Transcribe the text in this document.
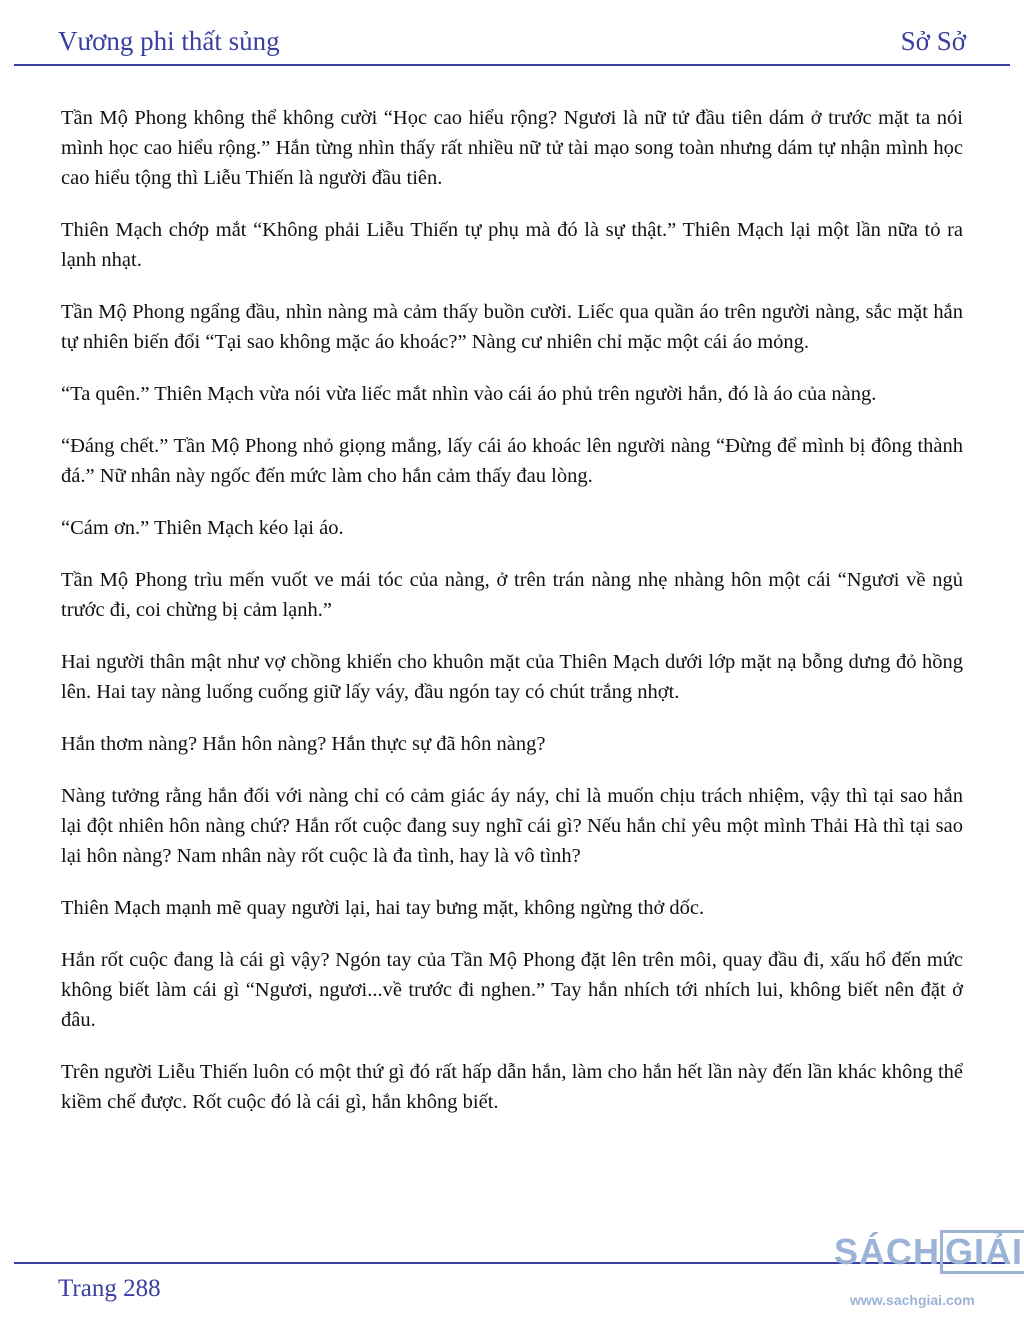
Vương phi thất sủng	Sở Sở

Tần Mộ Phong không thể không cười “Học cao hiểu rộng? Ngươi là nữ tử đầu tiên dám ở trước mặt ta nói mình học cao hiểu rộng.” Hắn từng nhìn thấy rất nhiều nữ tử tài mạo song toàn nhưng dám tự nhận mình học cao hiểu tộng thì Liễu Thiến là người đầu tiên.

Thiên Mạch chớp mắt “Không phải Liễu Thiến tự phụ mà đó là sự thật.” Thiên Mạch lại một lần nữa tỏ ra lạnh nhạt.

Tần Mộ Phong ngẩng đầu, nhìn nàng mà cảm thấy buồn cười. Liếc qua quần áo trên người nàng, sắc mặt hắn tự nhiên biến đổi “Tại sao không mặc áo khoác?” Nàng cư nhiên chỉ mặc một cái áo mỏng.

“Ta quên.” Thiên Mạch vừa nói vừa liếc mắt nhìn vào cái áo phủ trên người hắn, đó là áo của nàng.

“Đáng chết.” Tần Mộ Phong nhỏ giọng mắng, lấy cái áo khoác lên người nàng “Đừng để mình bị đông thành đá.” Nữ nhân này ngốc đến mức làm cho hắn cảm thấy đau lòng.

“Cám ơn.” Thiên Mạch kéo lại áo.

Tần Mộ Phong trìu mến vuốt ve mái tóc của nàng, ở trên trán nàng nhẹ nhàng hôn một cái “Ngươi về ngủ trước đi, coi chừng bị cảm lạnh.”

Hai người thân mật như vợ chồng khiến cho khuôn mặt của Thiên Mạch dưới lớp mặt nạ bỗng dưng đỏ hồng lên. Hai tay nàng luống cuống giữ lấy váy, đầu ngón tay có chút trắng nhợt.

Hắn thơm nàng? Hắn hôn nàng? Hắn thực sự đã hôn nàng?

Nàng tưởng rằng hắn đối với nàng chỉ có cảm giác áy náy, chỉ là muốn chịu trách nhiệm, vậy thì tại sao hắn lại đột nhiên hôn nàng chứ? Hắn rốt cuộc đang suy nghĩ cái gì? Nếu hắn chỉ yêu một mình Thải Hà thì tại sao lại hôn nàng? Nam nhân này rốt cuộc là đa tình, hay là vô tình?

Thiên Mạch mạnh mẽ quay người lại, hai tay bưng mặt, không ngừng thở dốc.

Hắn rốt cuộc đang là cái gì vậy? Ngón tay của Tần Mộ Phong đặt lên trên môi, quay đầu đi, xấu hổ đến mức không biết làm cái gì “Ngươi, ngươi...về trước đi nghen.” Tay hắn nhích tới nhích lui, không biết nên đặt ở đâu.

Trên người Liễu Thiến luôn có một thứ gì đó rất hấp dẫn hắn, làm cho hắn hết lần này đến lần khác không thể kiềm chế được. Rốt cuộc đó là cái gì, hắn không biết.

Trang 288
SÁCH GIẢI
www.sachgiai.com
